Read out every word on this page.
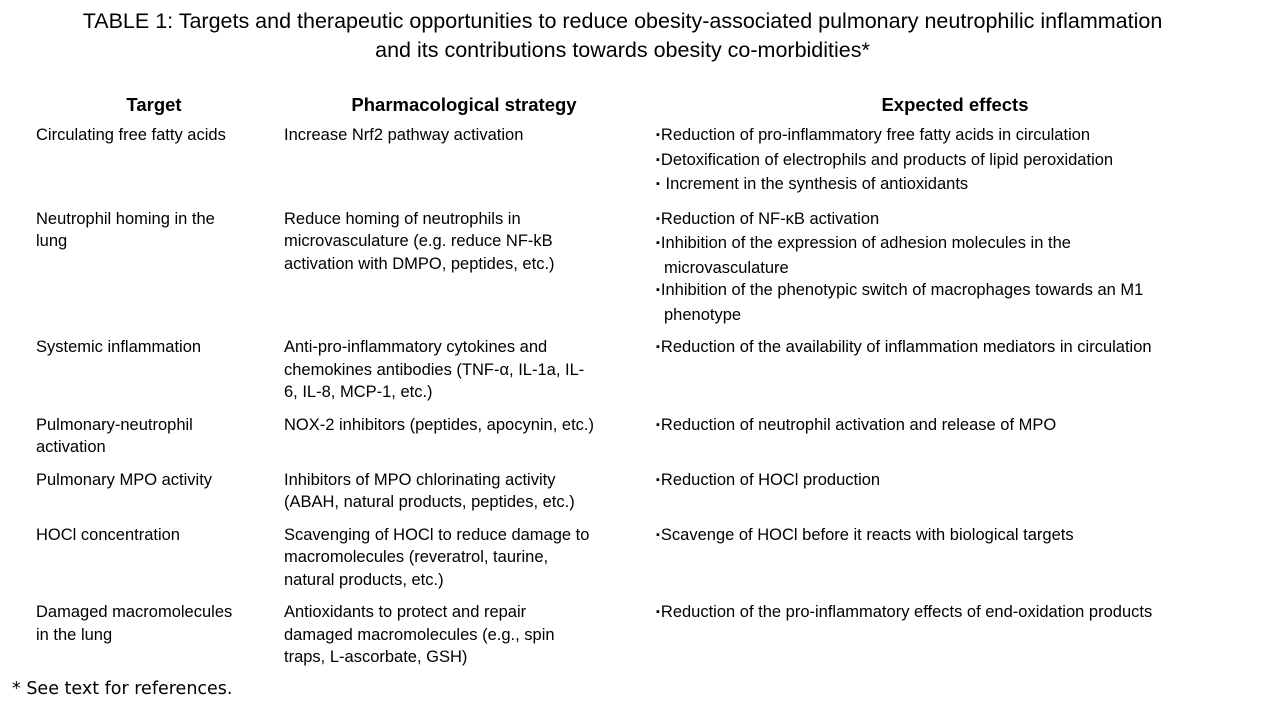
TABLE 1: Targets and therapeutic opportunities to reduce obesity-associated pulmonary neutrophilic inflammation
and its contributions towards obesity co-morbidities*
Target	Pharmacological strategy	Expected effects

Circulating free fatty acids	Increase Nrf2 pathway activation	▪Reduction of pro-inflammatory free fatty acids in circulation
▪Detoxification of electrophils and products of lipid peroxidation
▪ Increment in the synthesis of antioxidants

Neutrophil homing in the
lung	Reduce homing of neutrophils in
microvasculature (e.g. reduce NF-kB
activation with DMPO, peptides, etc.)	▪Reduction of NF-κB activation
▪Inhibition of the expression of adhesion molecules in the
microvasculature
▪Inhibition of the phenotypic switch of macrophages towards an M1
phenotype

Systemic inflammation	Anti-pro-inflammatory cytokines and
chemokines antibodies (TNF-α, IL-1a, IL-
6, IL-8, MCP-1, etc.)	▪Reduction of the availability of inflammation mediators in circulation

Pulmonary-neutrophil
activation	NOX-2 inhibitors (peptides, apocynin, etc.)	▪Reduction of neutrophil activation and release of MPO

Pulmonary MPO activity	Inhibitors of MPO chlorinating activity
(ABAH, natural products, peptides, etc.)	▪Reduction of HOCl production

HOCl concentration	Scavenging of HOCl to reduce damage to
macromolecules (reveratrol, taurine,
natural products, etc.)	▪Scavenge of HOCl before it reacts with biological targets

Damaged macromolecules
in the lung	Antioxidants to protect and repair
damaged macromolecules (e.g., spin
traps, L-ascorbate, GSH)	▪Reduction of the pro-inflammatory effects of end-oxidation products
* See text for references.
